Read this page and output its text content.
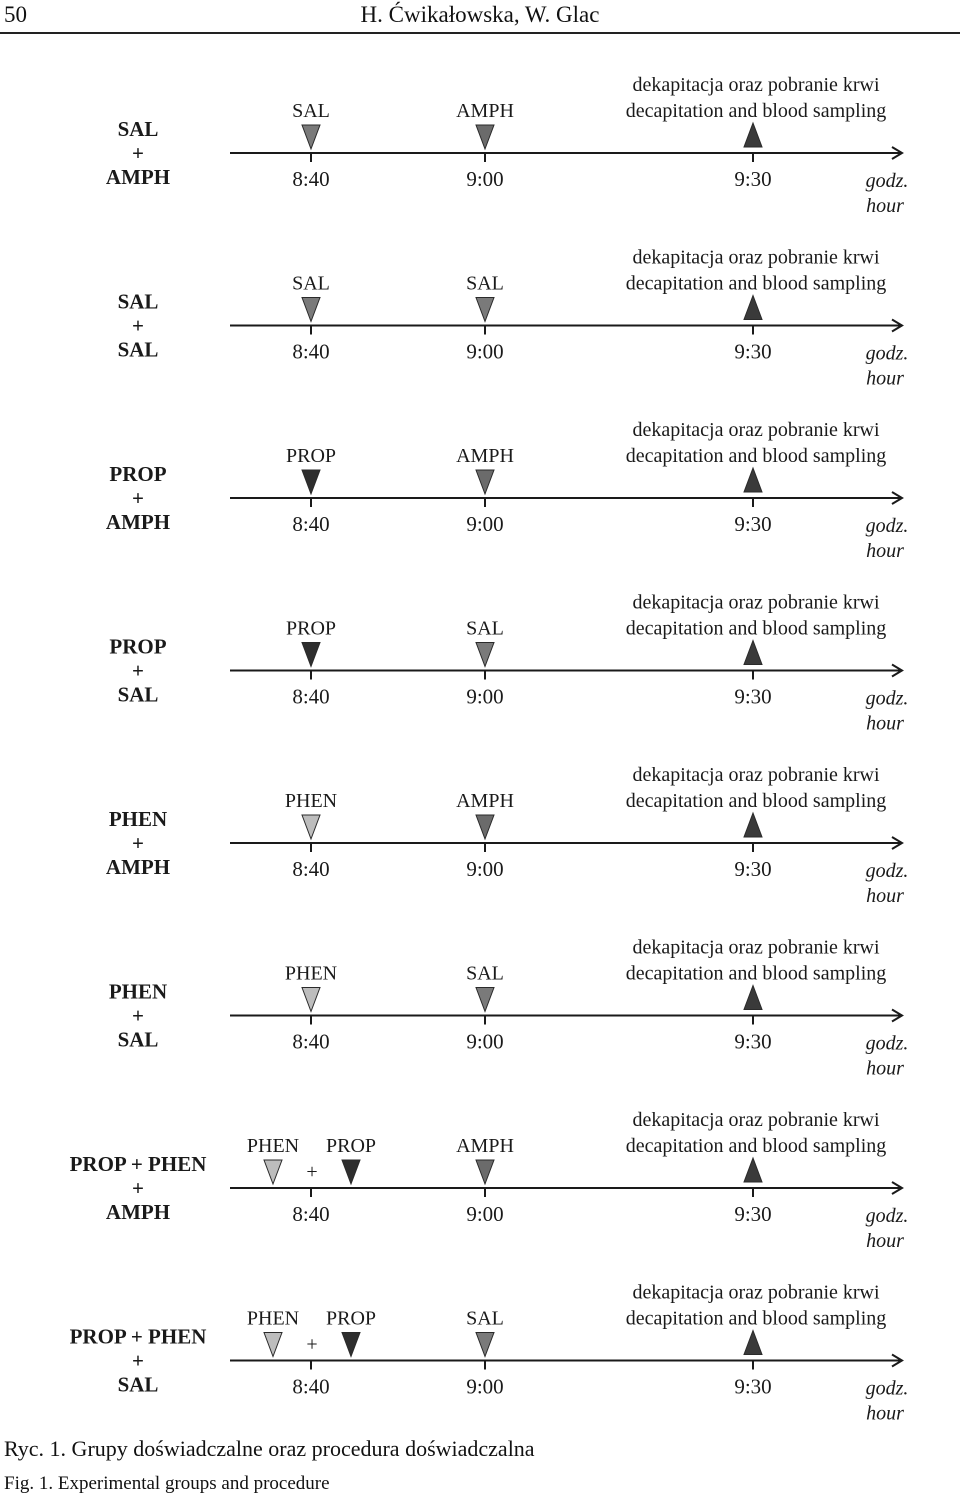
50	H. Ćwikałowska, W. Glac
SAL
+
AMPH	8:40	9:00	9:30	godz.
hour
SAL	AMPH
dekapitacja oraz pobranie krwi
decapitation and blood sampling
SAL
+
SAL	8:40	9:00	9:30	godz.
hour
SAL	SAL
dekapitacja oraz pobranie krwi
decapitation and blood sampling
PROP
+
AMPH	8:40	9:00	9:30	godz.
hour
PROP	AMPH
dekapitacja oraz pobranie krwi
decapitation and blood sampling
PROP
+
SAL	8:40	9:00	9:30	godz.
hour
PROP	SAL
dekapitacja oraz pobranie krwi
decapitation and blood sampling
PHEN
+
AMPH	8:40	9:00	9:30	godz.
hour
PHEN	AMPH
dekapitacja oraz pobranie krwi
decapitation and blood sampling
PHEN
+
SAL	8:40	9:00	9:30	godz.
hour
PHEN	SAL
dekapitacja oraz pobranie krwi
decapitation and blood sampling
PROP + PHEN
+
AMPH	8:40	9:00	9:30	godz.
hour
PHEN PROP
+
AMPH
dekapitacja oraz pobranie krwi
decapitation and blood sampling
PROP + PHEN
+
SAL	8:40	9:00	9:30	godz.
hour
PHEN PROP
+
SAL
dekapitacja oraz pobranie krwi
decapitation and blood sampling
Ryc. 1. Grupy doświadczalne oraz procedura doświadczalna
Fig. 1. Experimental groups and procedure
